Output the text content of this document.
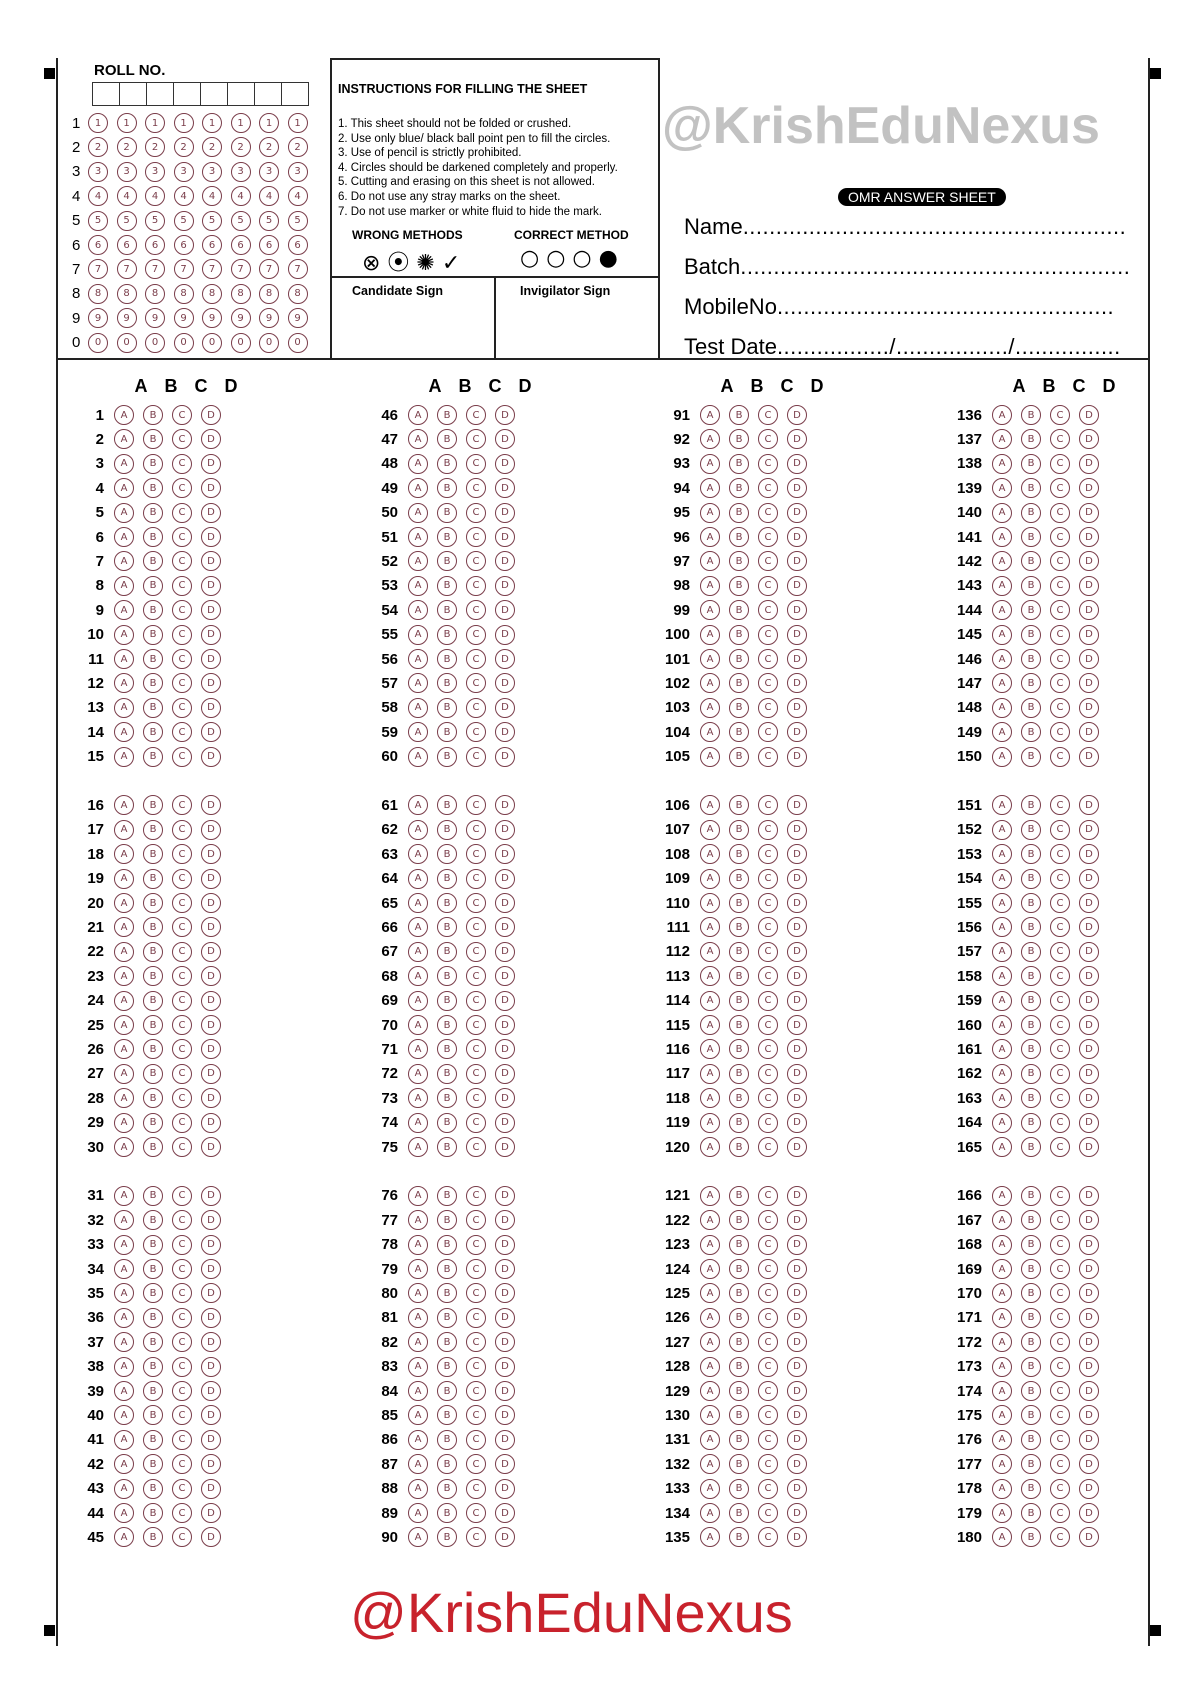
ROLL NO.
1	1	1	1	1	1	1	1	1
2	2	2	2	2	2	2	2	2
3	3	3	3	3	3	3	3	3
4	4	4	4	4	4	4	4	4
5	5	5	5	5	5	5	5	5
6	6	6	6	6	6	6	6	6
7	7	7	7	7	7	7	7	7
8	8	8	8	8	8	8	8	8
9	9	9	9	9	9	9	9	9
0	0	0	0	0	0	0	0	0
INSTRUCTIONS FOR FILLING THE SHEET
1. This sheet should not be folded or crushed.
2. Use only blue/ black ball point pen to fill the circles.
3. Use of pencil is strictly prohibited.
4. Circles should be darkened completely and properly.
5. Cutting and erasing on this sheet is not allowed.
6. Do not use any stray marks on the sheet.
7. Do not use marker or white fluid to hide the mark.
WRONG METHODS	CORRECT METHOD
⊗ ⦿ ✺ ✓	○ ○ ○ ●
Candidate Sign	Invigilator Sign
@KrishEduNexus
OMR ANSWER SHEET
Name..........................................................
Batch...........................................................
MobileNo...................................................
Test Date................./................./................
A B C D	A B C D	A B C D	A B C D
1	A	B	C	D
2	A	B	C	D
3	A	B	C	D
4	A	B	C	D
5	A	B	C	D
6	A	B	C	D
7	A	B	C	D
8	A	B	C	D
9	A	B	C	D
10	A	B	C	D
11	A	B	C	D
12	A	B	C	D
13	A	B	C	D
14	A	B	C	D
15	A	B	C	D
16	A	B	C	D
17	A	B	C	D
18	A	B	C	D
19	A	B	C	D
20	A	B	C	D
21	A	B	C	D
22	A	B	C	D
23	A	B	C	D
24	A	B	C	D
25	A	B	C	D
26	A	B	C	D
27	A	B	C	D
28	A	B	C	D
29	A	B	C	D
30	A	B	C	D
31	A	B	C	D
32	A	B	C	D
33	A	B	C	D
34	A	B	C	D
35	A	B	C	D
36	A	B	C	D
37	A	B	C	D
38	A	B	C	D
39	A	B	C	D
40	A	B	C	D
41	A	B	C	D
42	A	B	C	D
43	A	B	C	D
44	A	B	C	D
45	A	B	C	D
46	A	B	C	D
47	A	B	C	D
48	A	B	C	D
49	A	B	C	D
50	A	B	C	D
51	A	B	C	D
52	A	B	C	D
53	A	B	C	D
54	A	B	C	D
55	A	B	C	D
56	A	B	C	D
57	A	B	C	D
58	A	B	C	D
59	A	B	C	D
60	A	B	C	D
61	A	B	C	D
62	A	B	C	D
63	A	B	C	D
64	A	B	C	D
65	A	B	C	D
66	A	B	C	D
67	A	B	C	D
68	A	B	C	D
69	A	B	C	D
70	A	B	C	D
71	A	B	C	D
72	A	B	C	D
73	A	B	C	D
74	A	B	C	D
75	A	B	C	D
76	A	B	C	D
77	A	B	C	D
78	A	B	C	D
79	A	B	C	D
80	A	B	C	D
81	A	B	C	D
82	A	B	C	D
83	A	B	C	D
84	A	B	C	D
85	A	B	C	D
86	A	B	C	D
87	A	B	C	D
88	A	B	C	D
89	A	B	C	D
90	A	B	C	D
91	A	B	C	D
92	A	B	C	D
93	A	B	C	D
94	A	B	C	D
95	A	B	C	D
96	A	B	C	D
97	A	B	C	D
98	A	B	C	D
99	A	B	C	D
100	A	B	C	D
101	A	B	C	D
102	A	B	C	D
103	A	B	C	D
104	A	B	C	D
105	A	B	C	D
106	A	B	C	D
107	A	B	C	D
108	A	B	C	D
109	A	B	C	D
110	A	B	C	D
111	A	B	C	D
112	A	B	C	D
113	A	B	C	D
114	A	B	C	D
115	A	B	C	D
116	A	B	C	D
117	A	B	C	D
118	A	B	C	D
119	A	B	C	D
120	A	B	C	D
121	A	B	C	D
122	A	B	C	D
123	A	B	C	D
124	A	B	C	D
125	A	B	C	D
126	A	B	C	D
127	A	B	C	D
128	A	B	C	D
129	A	B	C	D
130	A	B	C	D
131	A	B	C	D
132	A	B	C	D
133	A	B	C	D
134	A	B	C	D
135	A	B	C	D
136	A	B	C	D
137	A	B	C	D
138	A	B	C	D
139	A	B	C	D
140	A	B	C	D
141	A	B	C	D
142	A	B	C	D
143	A	B	C	D
144	A	B	C	D
145	A	B	C	D
146	A	B	C	D
147	A	B	C	D
148	A	B	C	D
149	A	B	C	D
150	A	B	C	D
151	A	B	C	D
152	A	B	C	D
153	A	B	C	D
154	A	B	C	D
155	A	B	C	D
156	A	B	C	D
157	A	B	C	D
158	A	B	C	D
159	A	B	C	D
160	A	B	C	D
161	A	B	C	D
162	A	B	C	D
163	A	B	C	D
164	A	B	C	D
165	A	B	C	D
166	A	B	C	D
167	A	B	C	D
168	A	B	C	D
169	A	B	C	D
170	A	B	C	D
171	A	B	C	D
172	A	B	C	D
173	A	B	C	D
174	A	B	C	D
175	A	B	C	D
176	A	B	C	D
177	A	B	C	D
178	A	B	C	D
179	A	B	C	D
180	A	B	C	D
@KrishEduNexus
